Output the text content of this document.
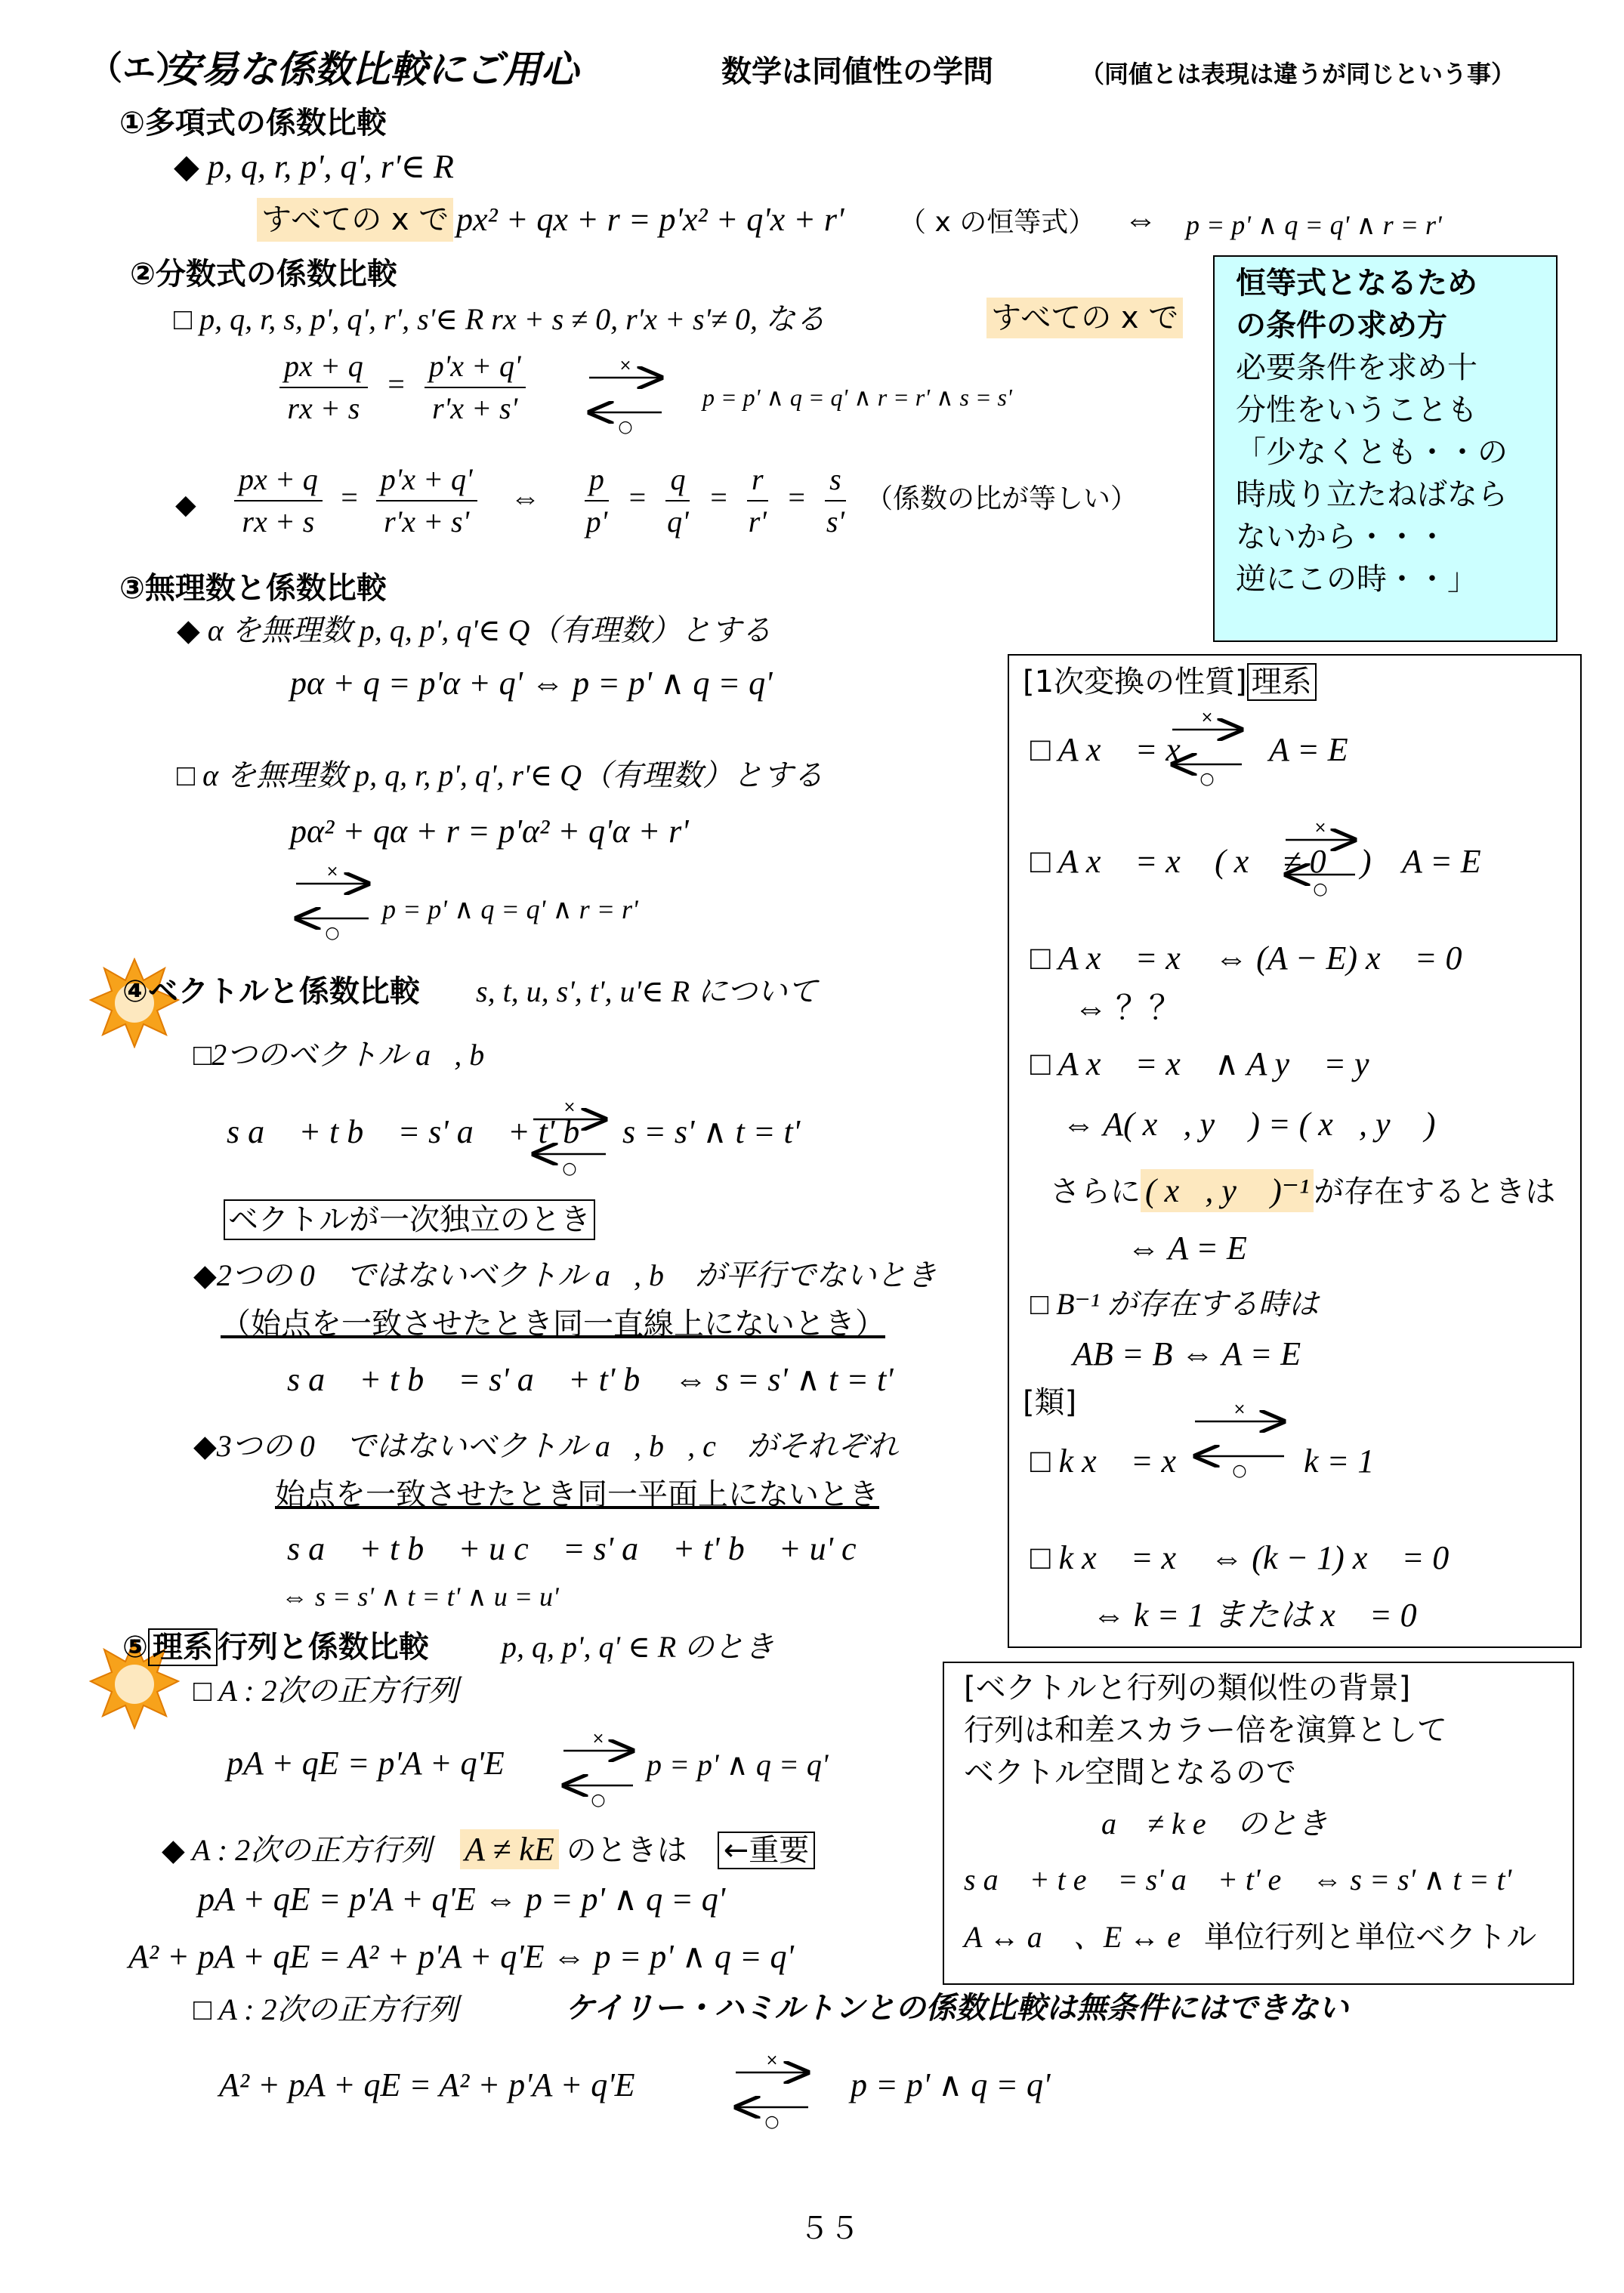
（エ）
安易な係数比較にご用心	数学は同値性の学問	（同値とは表現は違うが同じという事）
①多項式の係数比較
◆ p, q, r, p', q', r'∈ R
すべての x で px² + qx + r = p'x² + q'x + r' （ x の恒等式） ⇔ p = p' ∧ q = q' ∧ r = r'
②分数式の係数比較
□ p, q, r, s, p', q', r', s'∈ R rx + s ≠ 0, r'x + s'≠ 0, なる	すべての x で
$\frac{px + q}{rx + s} = \frac{p'x + q'}{r'x + s'}$	p = p' ∧ q = q' ∧ r = r' ∧ s = s'
◆ $\frac{px + q}{rx + s} = \frac{p'x + q'}{r'x + s'}$ ⇔ $\frac{p}{p'} = \frac{q}{q'} = \frac{r}{r'} = \frac{s}{s'}$ （係数の比が等しい）
恒等式となるため
の条件の求め方
必要条件を求め十
分性をいうことも
「少なくとも・・の
時成り立たねばなら
ないから・・・
逆にこの時・・」
③無理数と係数比較
◆ α を無理数 p, q, p', q'∈ Q（有理数）とする
pα + q = p'α + q' ⇔ p = p' ∧ q = q'
□ α を無理数 p, q, r, p', q', r'∈ Q（有理数）とする
pα² + qα + r = p'α² + q'α + r'
p = p' ∧ q = q' ∧ r = r'
[1次変換の性質] 理系
□ A x⃗ = x⃗ A = E
□ A x⃗ = x⃗ ( x⃗ ≠ 0⃗ ) A = E
□ A x⃗ = x⃗ ⇔ (A − E) x⃗ = 0⃗
⇔ ？？
□ A x⃗ = x⃗ ∧ A y⃗ = y⃗
⇔ A( x⃗, y⃗ ) = ( x⃗, y⃗ )
さらに ( x⃗, y⃗ )⁻¹ が存在するときは
⇔ A = E
□ B⁻¹ が存在する時は
AB = B ⇔ A = E
[類]
□ k x⃗ = x⃗	k = 1
□ k x⃗ = x⃗ ⇔ (k − 1) x⃗ = 0⃗
⇔ k = 1 または x⃗ = 0⃗
④ベクトルと係数比較 s, t, u, s', t', u'∈ R について
□2つのベクトル a⃗, b⃗
s a⃗ + t b⃗ = s' a⃗ + t' b⃗ s = s' ∧ t = t'
ベクトルが一次独立のとき
◆2つの 0⃗ ではないベクトル a⃗, b⃗ が平行でないとき
（始点を一致させたとき同一直線上にないとき）
s a⃗ + t b⃗ = s' a⃗ + t' b⃗ ⇔ s = s' ∧ t = t'
◆3つの 0⃗ ではないベクトル a⃗, b⃗, c⃗ がそれぞれ
始点を一致させたとき同一平面上にないとき
s a⃗ + t b⃗ + u c⃗ = s' a⃗ + t' b⃗ + u' c⃗
⇔ s = s' ∧ t = t' ∧ u = u'
⑤ 理系 行列と係数比較 p, q, p', q' ∈ R のとき
□ A : 2次の正方行列
pA + qE = p'A + q'E	p = p' ∧ q = q'
◆ A : 2次の正方行列 A ≠ kE のときは ←重要
pA + qE = p'A + q'E ⇔ p = p' ∧ q = q'
A² + pA + qE = A² + p'A + q'E ⇔ p = p' ∧ q = q'
□ A : 2次の正方行列	ケイリー・ハミルトンとの係数比較は無条件にはできない
A² + pA + qE = A² + p'A + q'E	p = p' ∧ q = q'
[ベクトルと行列の類似性の背景]
行列は和差スカラー倍を演算として
ベクトル空間となるので
a⃗ ≠ k e⃗ のとき
s a⃗ + t e⃗ = s' a⃗ + t' e⃗ ⇔ s = s' ∧ t = t'
A ↔ a⃗ 、E ↔ e⃗単位行列と単位ベクトル
５５
×
○
×
○
×
○
×
○
×
○
×
○
×
○
×
○
